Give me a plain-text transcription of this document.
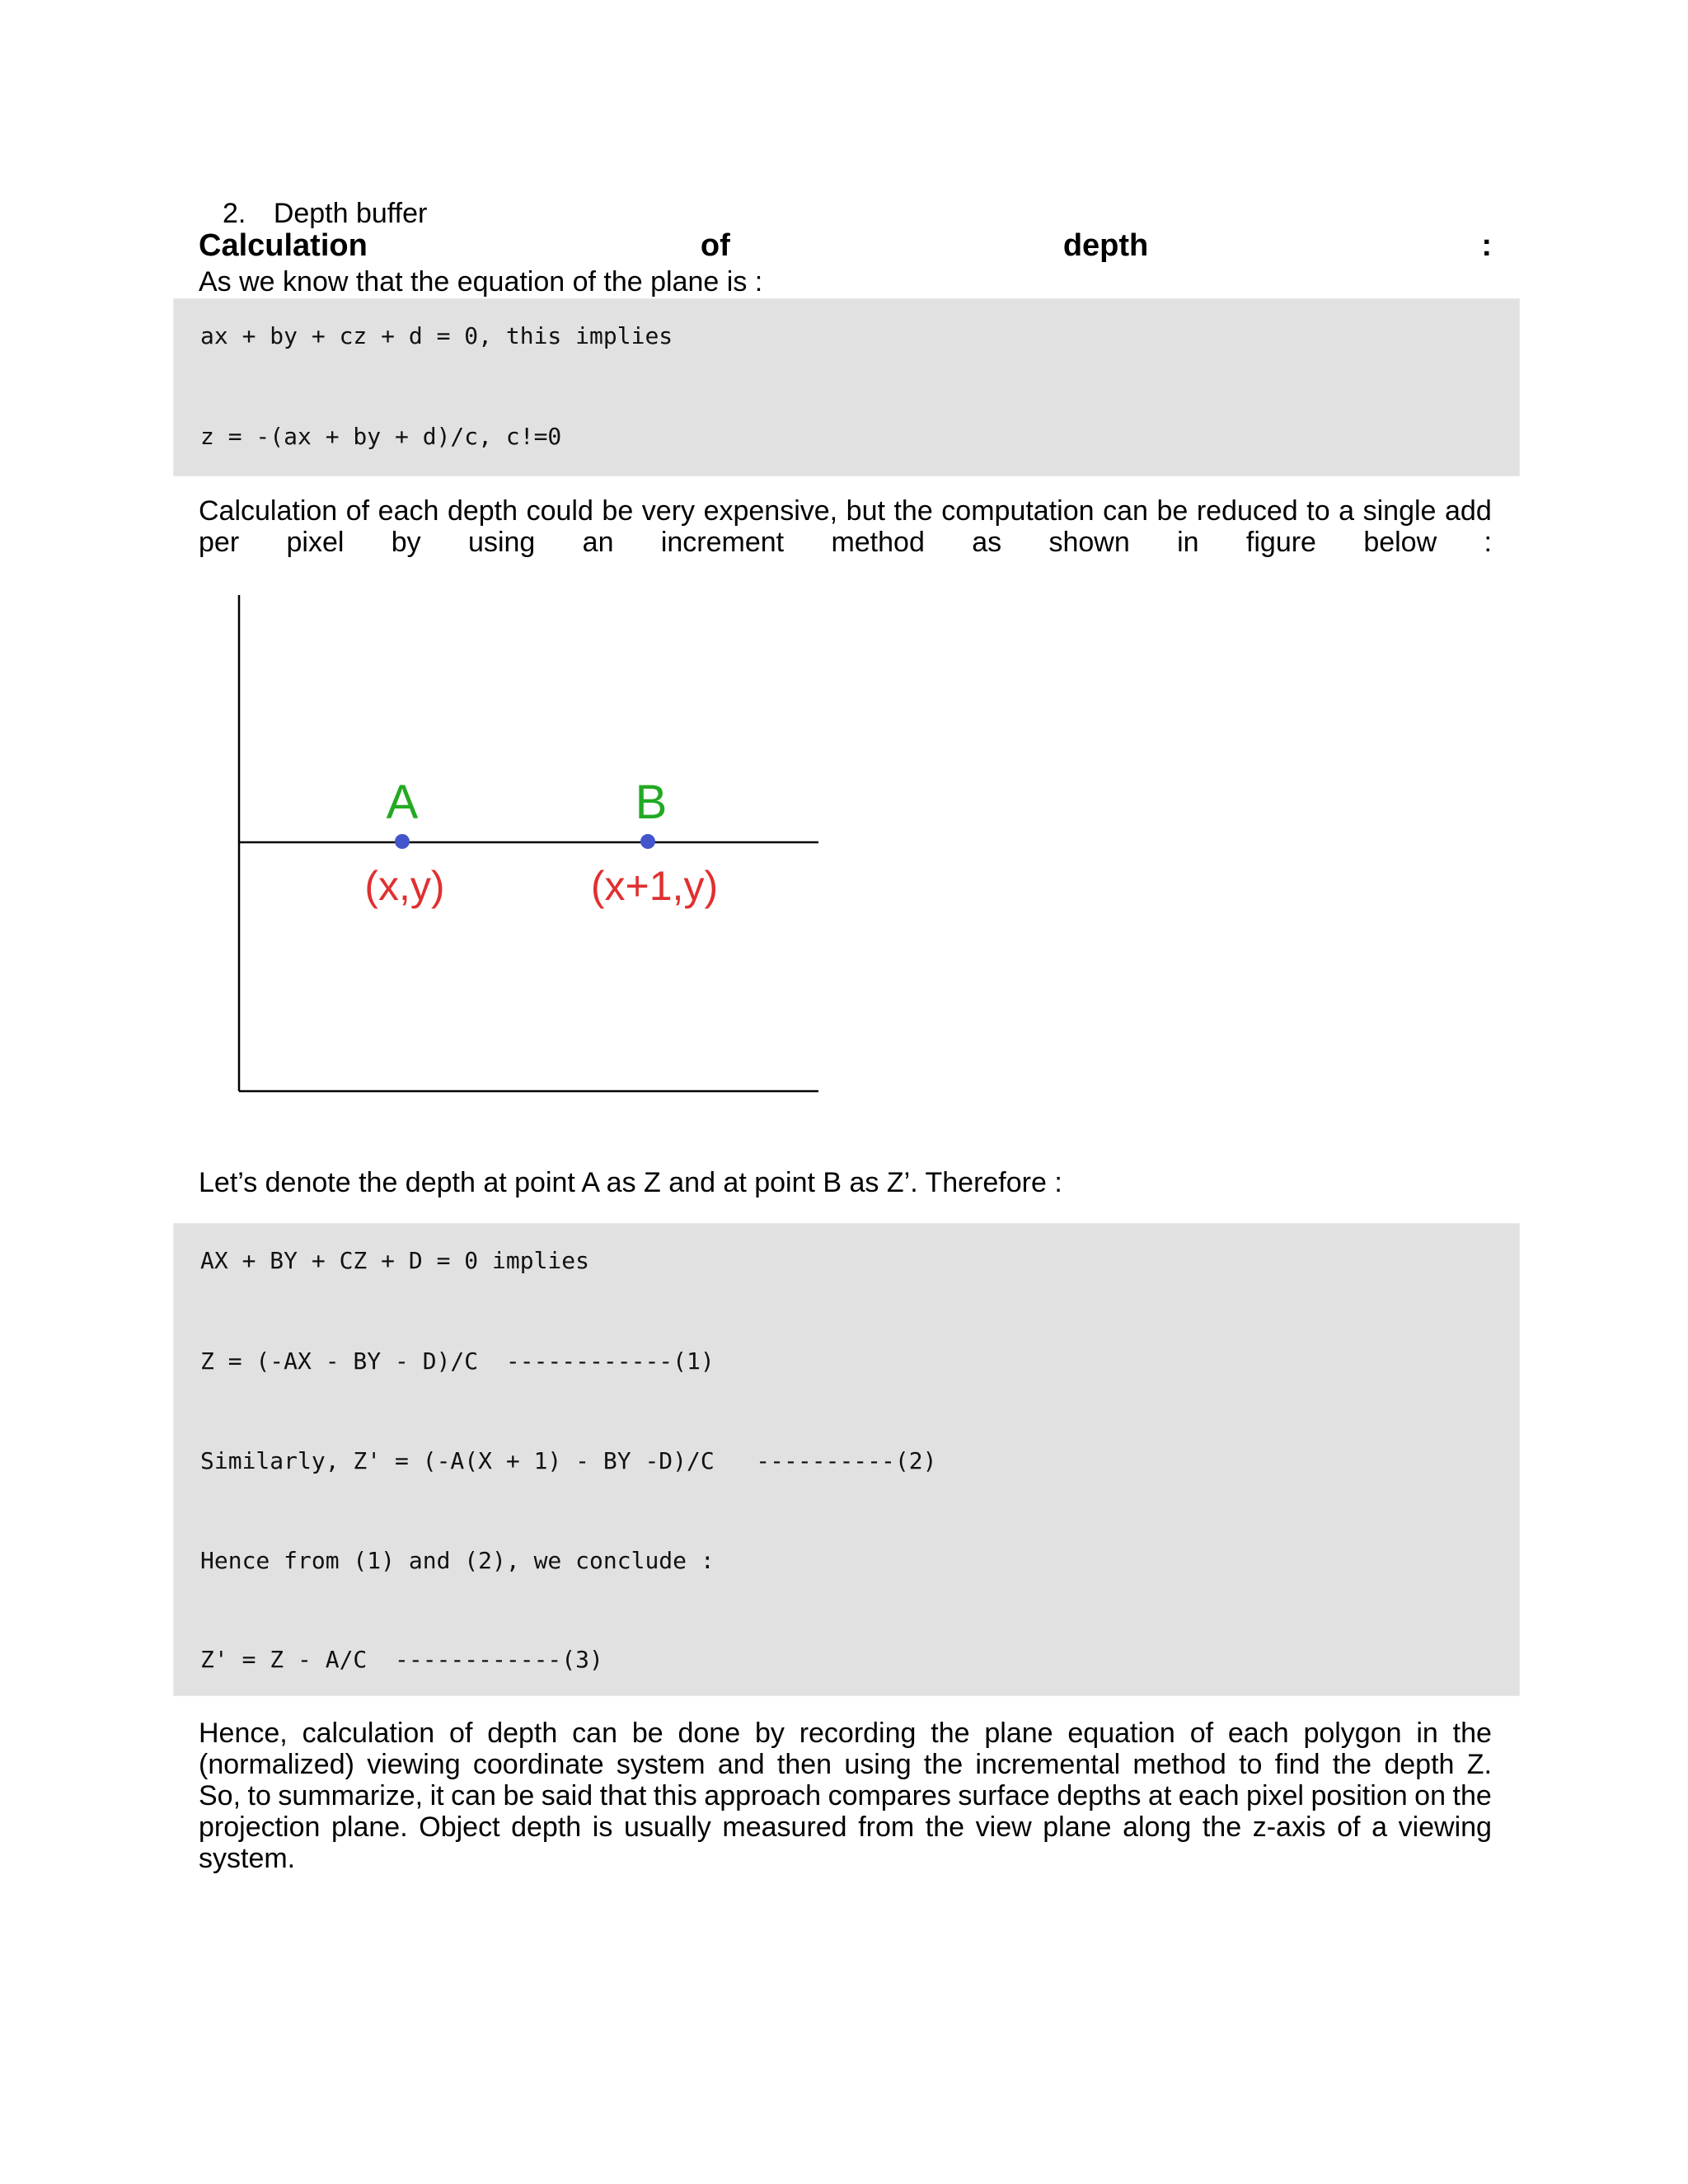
2. Depth buffer
Calculation	of	depth	:
As we know that the equation of the plane is :
ax + by + cz + d = 0, this implies
z = -(ax + by + d)/c, c!=0
Calculation of each depth could be very expensive, but the computation can be reduced to a single add
per pixel by using an increment method as shown in figure below :
A	B
(x,y)	(x+1,y)
Let’s denote the depth at point A as Z and at point B as Z’. Therefore :
AX + BY + CZ + D = 0 implies
Z = (-AX - BY - D)/C  ------------(1)
Similarly, Z' = (-A(X + 1) - BY -D)/C   ----------(2)
Hence from (1) and (2), we conclude :
Z' = Z - A/C  ------------(3)
Hence, calculation of depth can be done by recording the plane equation of each polygon in the
(normalized) viewing coordinate system and then using the incremental method to find the depth Z.
So, to summarize, it can be said that this approach compares surface depths at each pixel position on the
projection plane. Object depth is usually measured from the view plane along the z-axis of a viewing
system.
